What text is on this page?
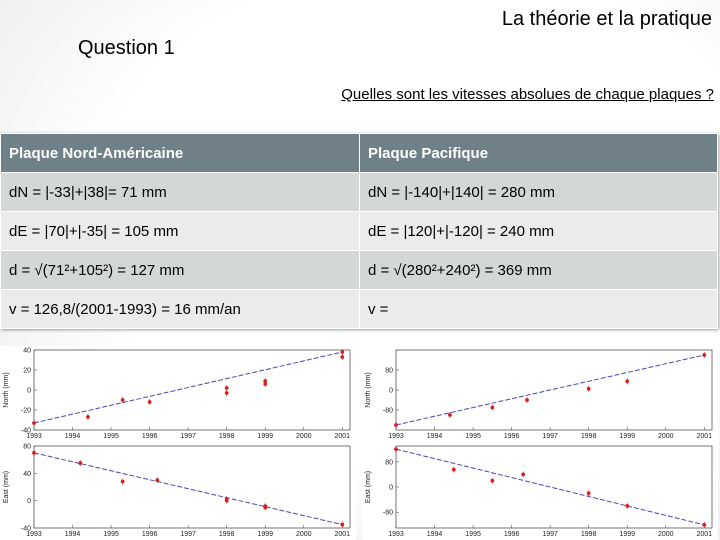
La théorie et la pratique
Question 1
Quelles sont les vitesses absolues de chaque plaques ?
Plaque Nord-Américaine	Plaque Pacifique
dN = |-33|+|38|= 71 mm	dN = |-140|+|140| = 280 mm
dE = |70|+|-35| = 105 mm	dE = |120|+|-120| = 240 mm
d = √(71²+105²) = 127 mm	d = √(280²+240²) = 369 mm
v = 126,8/(2001-1993) = 16 mm/an	v =
1993	1994	1995	1996	1997	1998	1999	2000	2001
40
20
0
-20
-40
North (mm)
1993	1994	1995	1996	1997	1998	1999	2000	2001
80
0
-80
North (mm)
1993	1994	1995	1996	1997	1998	1999	2000	2001
80
40
0
-40
East (mm)
1993	1994	1995	1996	1997	1998	1999	2000	2001
80
0
-80
East (mm)
